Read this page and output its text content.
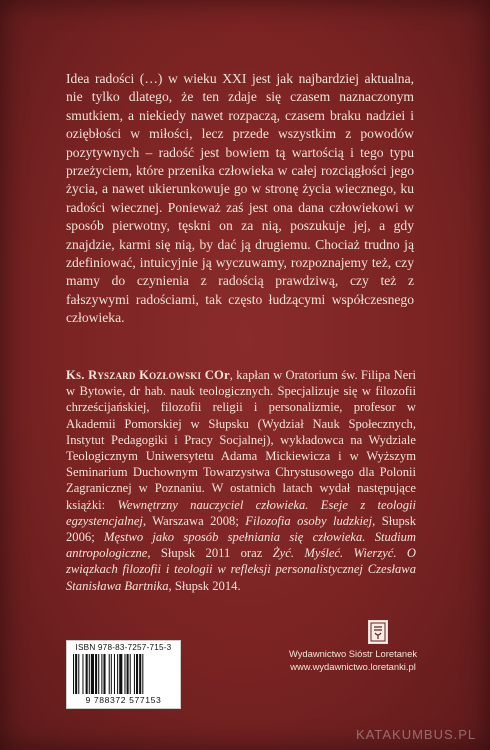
Idea radości (…) w wieku XXI jest jak najbardziej aktualna, nie tylko dlatego, że ten zdaje się czasem naznaczonym smutkiem, a niekiedy nawet rozpaczą, czasem braku nadziei i oziębłości w miłości, lecz przede wszystkim z powodów pozytywnych – radość jest bowiem tą wartością i tego typu przeżyciem, które przenika człowieka w całej rozciągłości jego życia, a nawet ukierunkowuje go w stronę życia wiecznego, ku radości wiecznej. Ponieważ zaś jest ona dana człowiekowi w sposób pierwotny, tęskni on za nią, poszukuje jej, a gdy znajdzie, karmi się nią, by dać ją drugiemu. Chociaż trudno ją zdefiniować, intuicyjnie ją wyczuwamy, rozpoznajemy też, czy mamy do czynienia z radością prawdziwą, czy też z fałszywymi radościami, tak często łudzącymi współczesnego człowieka.

Ks. Ryszard Kozłowski COr, kapłan w Oratorium św. Filipa Neri w Bytowie, dr hab. nauk teologicznych. Specjalizuje się w filozofii chrześcijańskiej, filozofii religii i personalizmie, profesor w Akademii Pomorskiej w Słupsku (Wydział Nauk Społecznych, Instytut Pedagogiki i Pracy Socjalnej), wykładowca na Wydziale Teologicznym Uniwersytetu Adama Mickiewicza i w Wyższym Seminarium Duchownym Towarzystwa Chrystusowego dla Polonii Zagranicznej w Poznaniu. W ostatnich latach wydał następujące książki: Wewnętrzny nauczyciel człowieka. Eseje z teologii egzystencjalnej, Warszawa 2008; Filozofia osoby ludzkiej, Słupsk 2006; Męstwo jako sposób spełniania się człowieka. Studium antropologiczne, Słupsk 2011 oraz Żyć. Myśleć. Wierzyć. O związkach filozofii i teologii w refleksji personalistycznej Czesława Stanisława Bartnika, Słupsk 2014.

ISBN 978-83-7257-715-3
9 788372 577153
Wydawnictwo Sióstr Loretanek
www.wydawnictwo.loretanki.pl
KATAKUMBUS.PL
